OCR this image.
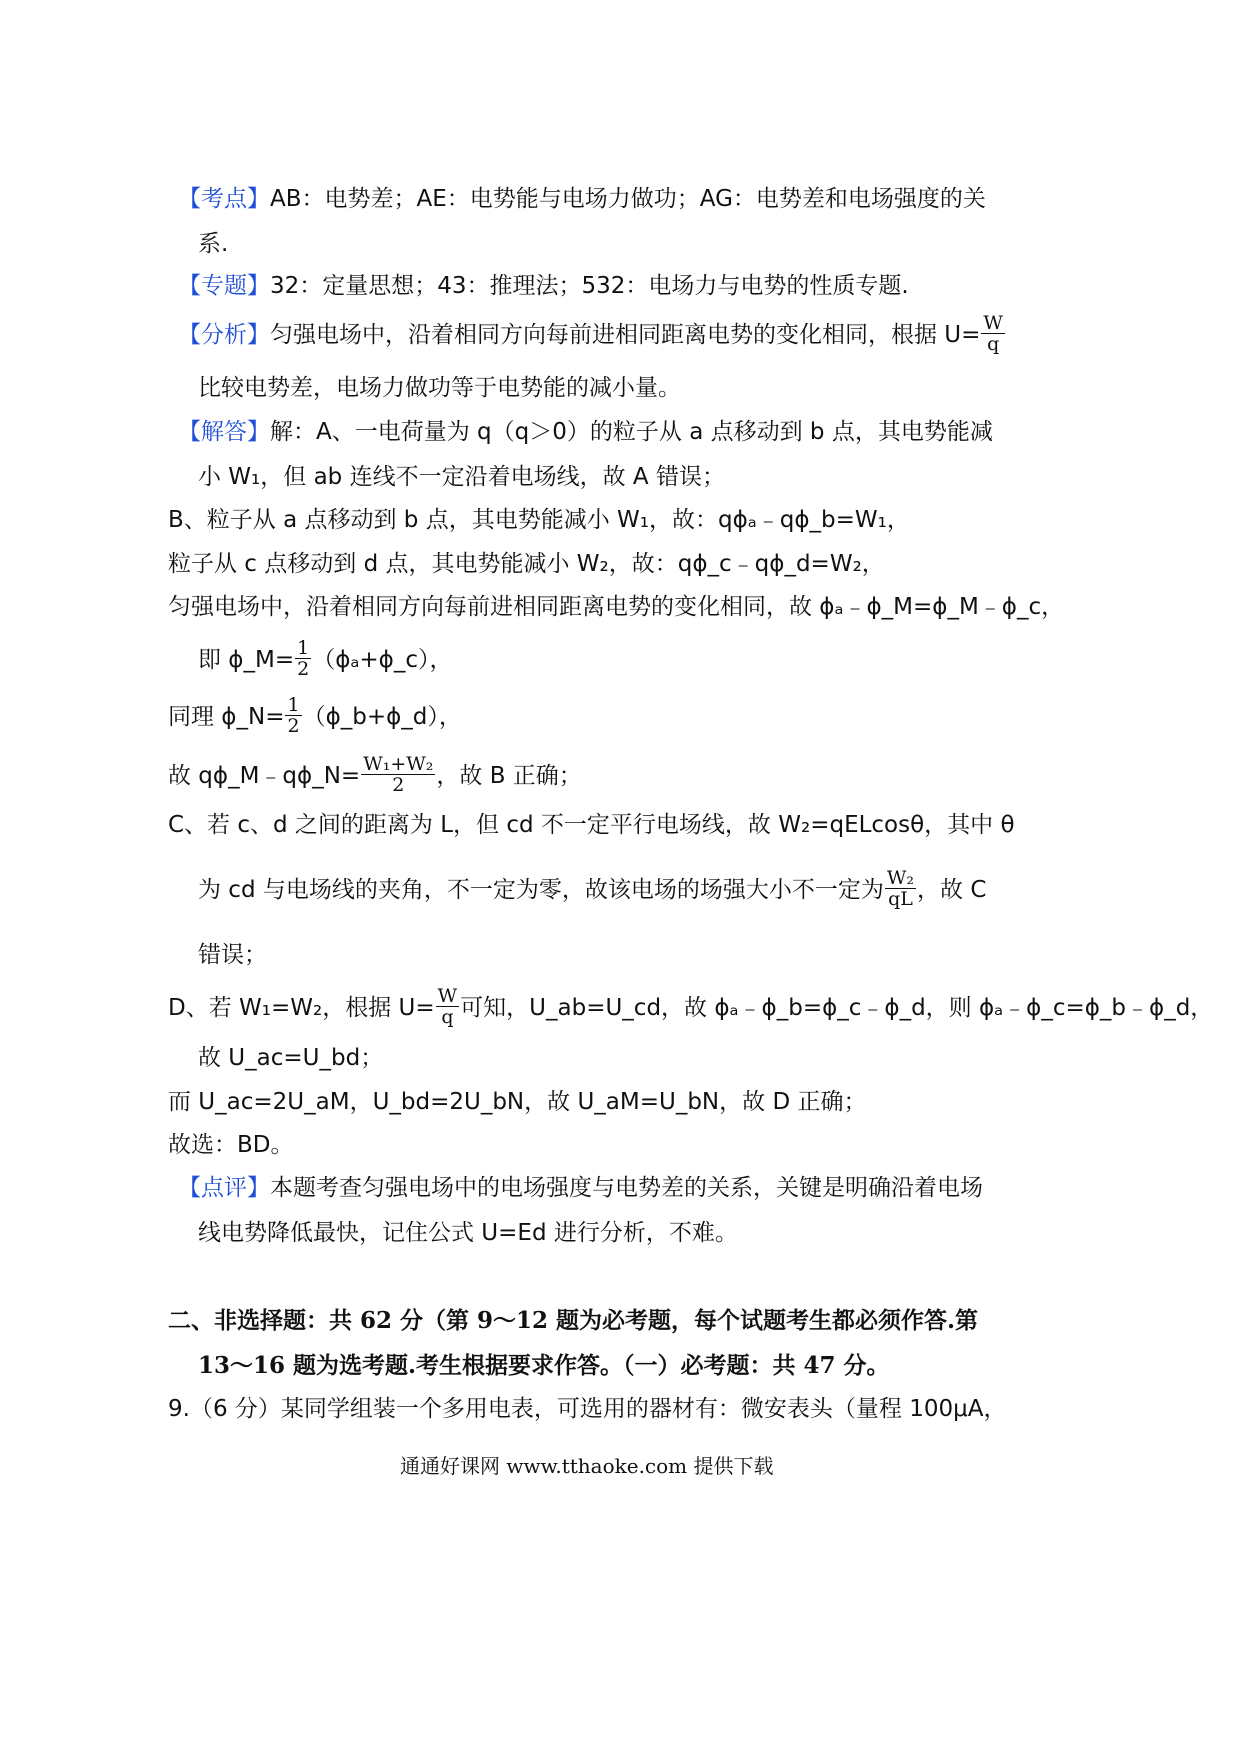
【考点】AB：电势差；AE：电势能与电场力做功；AG：电势差和电场强度的关
系.
【专题】32：定量思想；43：推理法；532：电场力与电势的性质专题.
【分析】匀强电场中，沿着相同方向每前进相同距离电势的变化相同，根据 $U= \frac{W}{q}$
比较电势差，电场力做功等于电势能的减小量。
【解答】解：A、一电荷量为 q（q＞0）的粒子从 a 点移动到 b 点，其电势能减
小 W₁，但 ab 连线不一定沿着电场线，故 A 错误；
B、粒子从 a 点移动到 b 点，其电势能减小 W₁，故：qϕₐ﹣qϕ_b=W₁，
粒子从 c 点移动到 d 点，其电势能减小 W₂，故：qϕ_c﹣qϕ_d=W₂，
匀强电场中，沿着相同方向每前进相同距离电势的变化相同，故 ϕₐ﹣ϕ_M=ϕ_M﹣ϕ_c，
即 ϕ_M= $\frac{1}{2}$ （ϕₐ+ϕ_c），
同理 ϕ_N= $\frac{1}{2}$ （ϕ_b+ϕ_d），
故 qϕ_M﹣qϕ_N= $\frac{\text{W₁+W₂}}{2}$ ，故 B 正确；
C、若 c、d 之间的距离为 L，但 cd 不一定平行电场线，故 W₂=qELcosθ，其中 θ
为 cd 与电场线的夹角，不一定为零，故该电场的场强大小不一定为 $\frac{\text{W₂}}{qL}$ ，故 C
错误；
D、若 W₁=W₂，根据 $U= \frac{W}{q}$ 可知，U_ab=U_cd，故 ϕₐ﹣ϕ_b=ϕ_c﹣ϕ_d，则 ϕₐ﹣ϕ_c=ϕ_b﹣ϕ_d，
故 U_ac=U_bd；
而 U_ac=2U_aM，U_bd=2U_bN，故 U_aM=U_bN，故 D 正确；
故选：BD。
【点评】本题考查匀强电场中的电场强度与电势差的关系，关键是明确沿着电场
线电势降低最快，记住公式 U=Ed 进行分析，不难。
二、非选择题：共 62 分（第 9～12 题为必考题，每个试题考生都必须作答.第
13～16 题为选考题.考生根据要求作答。（一）必考题：共 47 分。
9.（6 分）某同学组装一个多用电表，可选用的器材有：微安表头（量程 100μA，
通通好课网 www.tthaoke.com 提供下载
